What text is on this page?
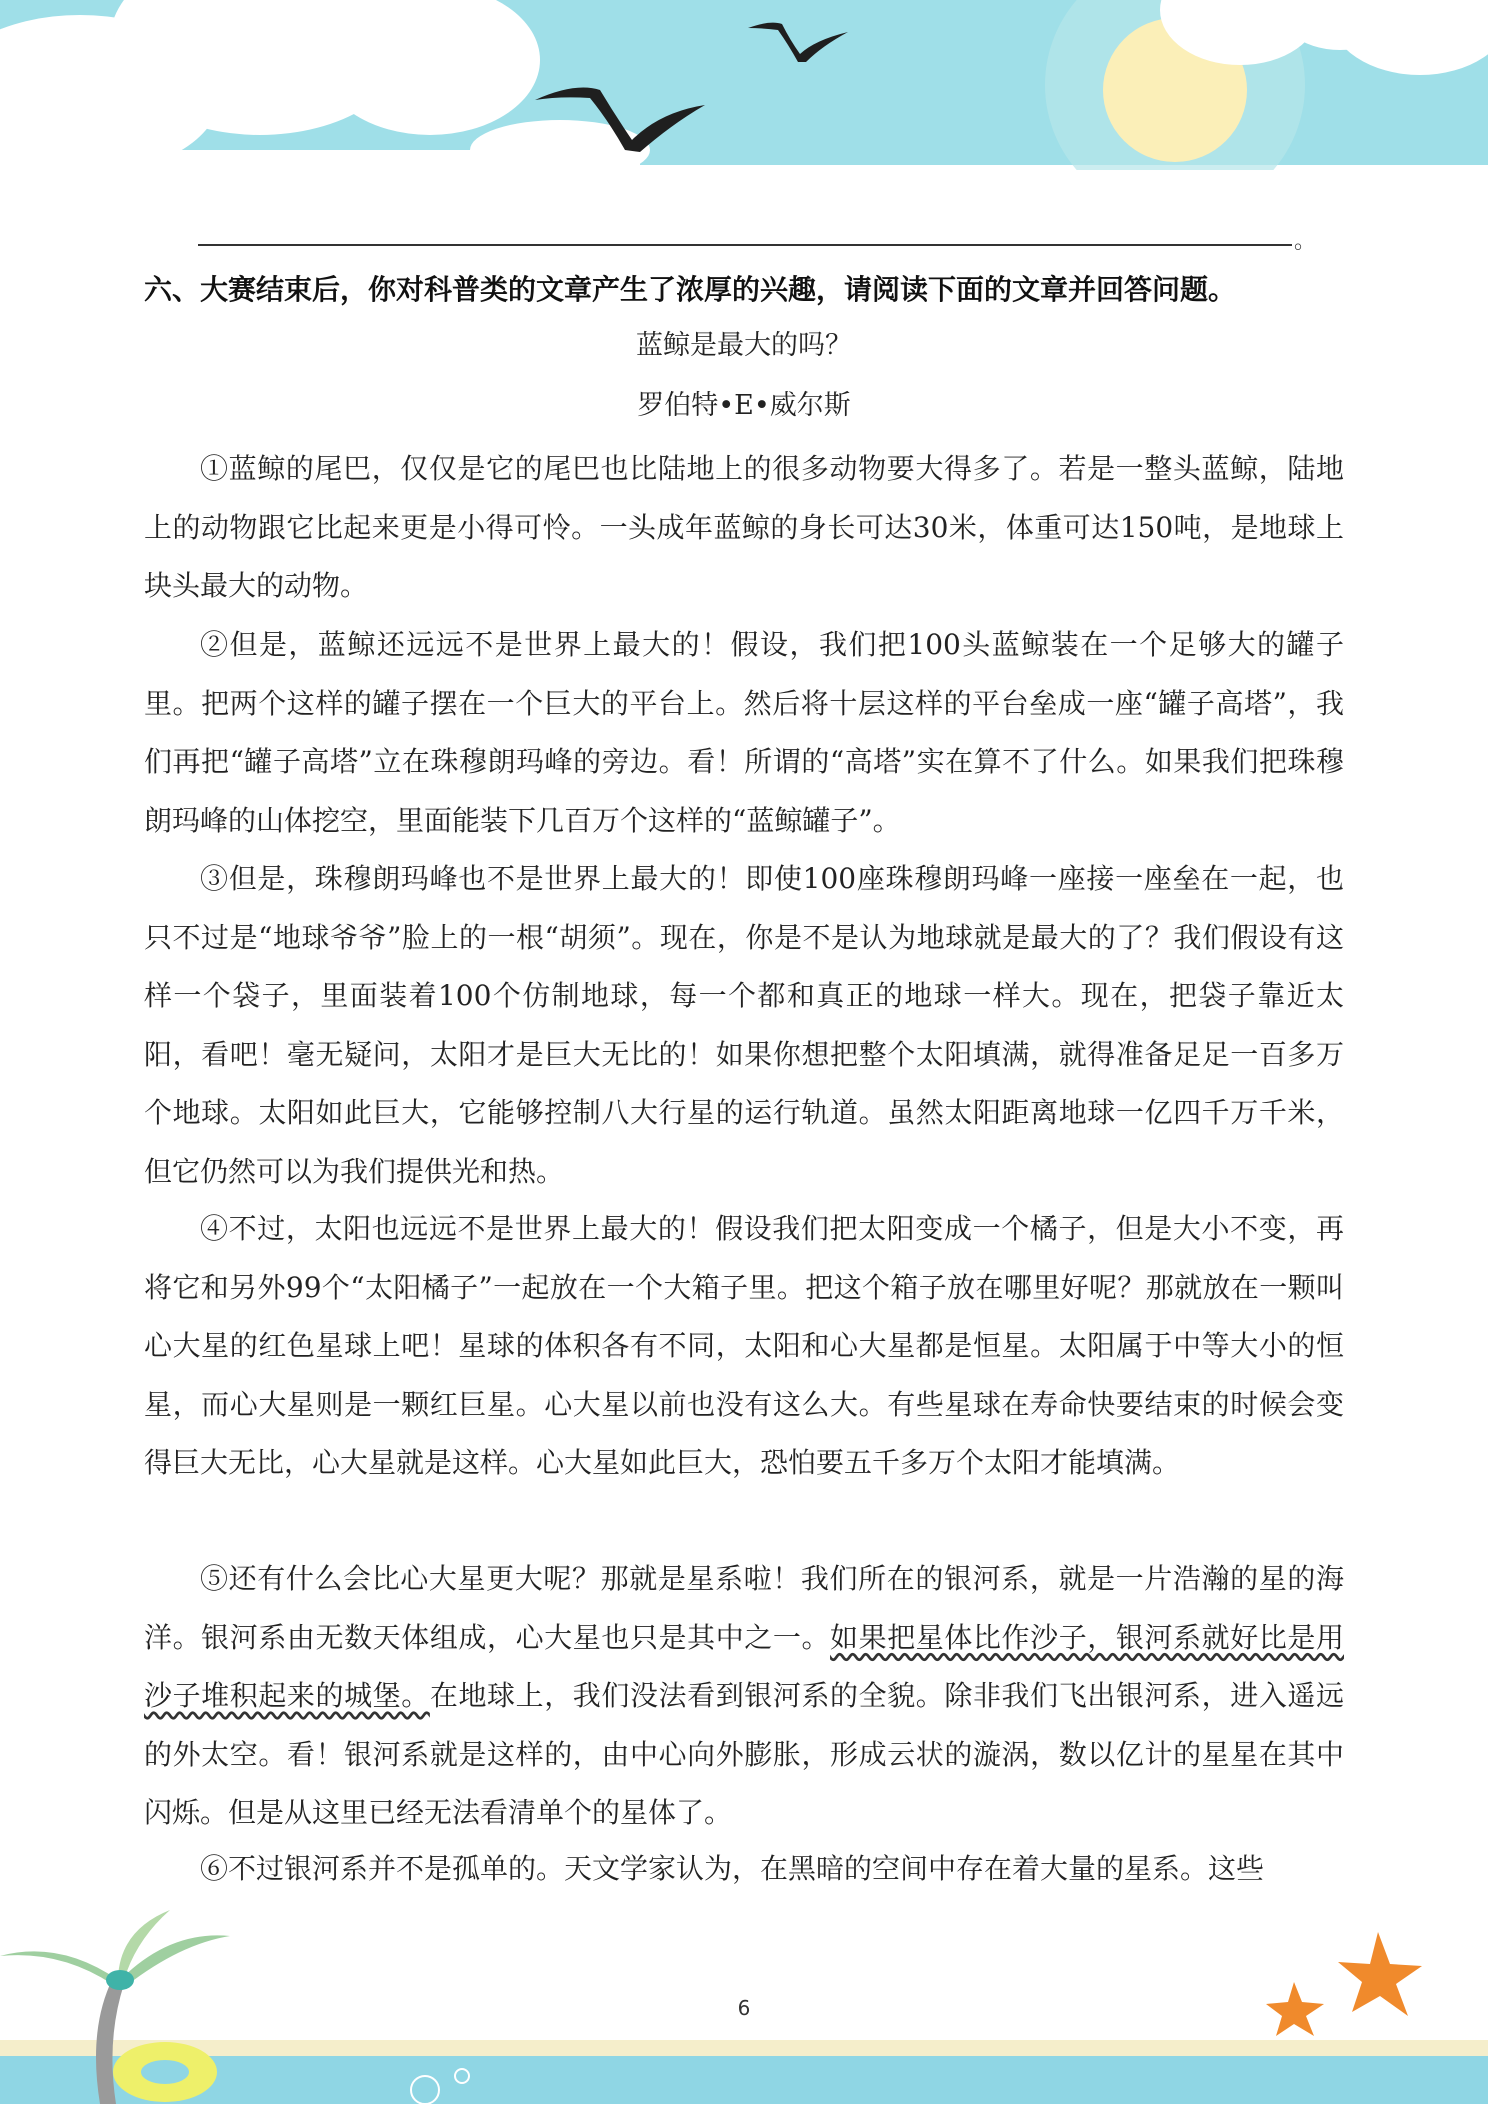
。
六、大赛结束后，你对科普类的文章产生了浓厚的兴趣，请阅读下面的文章并回答问题。
蓝鲸是最大的吗？
罗伯特•E•威尔斯

①蓝鲸的尾巴，仅仅是它的尾巴也比陆地上的很多动物要大得多了。若是一整头蓝鲸，陆地上的动物跟它比起来更是小得可怜。一头成年蓝鲸的身长可达30米，体重可达150吨，是地球上块头最大的动物。

②但是，蓝鲸还远远不是世界上最大的！假设，我们把100头蓝鲸装在一个足够大的罐子里。把两个这样的罐子摆在一个巨大的平台上。然后将十层这样的平台垒成一座“罐子高塔”，我们再把“罐子高塔”立在珠穆朗玛峰的旁边。看！所谓的“高塔”实在算不了什么。如果我们把珠穆朗玛峰的山体挖空，里面能装下几百万个这样的“蓝鲸罐子”。

③但是，珠穆朗玛峰也不是世界上最大的！即使100座珠穆朗玛峰一座接一座垒在一起，也只不过是“地球爷爷”脸上的一根“胡须”。现在，你是不是认为地球就是最大的了？我们假设有这样一个袋子，里面装着100个仿制地球，每一个都和真正的地球一样大。现在，把袋子靠近太阳，看吧！毫无疑问，太阳才是巨大无比的！如果你想把整个太阳填满，就得准备足足一百多万个地球。太阳如此巨大，它能够控制八大行星的运行轨道。虽然太阳距离地球一亿四千万千米，但它仍然可以为我们提供光和热。

④不过，太阳也远远不是世界上最大的！假设我们把太阳变成一个橘子，但是大小不变，再将它和另外99个“太阳橘子”一起放在一个大箱子里。把这个箱子放在哪里好呢？那就放在一颗叫心大星的红色星球上吧！星球的体积各有不同，太阳和心大星都是恒星。太阳属于中等大小的恒星，而心大星则是一颗红巨星。心大星以前也没有这么大。有些星球在寿命快要结束的时候会变得巨大无比，心大星就是这样。心大星如此巨大，恐怕要五千多万个太阳才能填满。

⑤还有什么会比心大星更大呢？那就是星系啦！我们所在的银河系，就是一片浩瀚的星的海洋。银河系由无数天体组成，心大星也只是其中之一。如果把星体比作沙子，银河系就好比是用沙子堆积起来的城堡。在地球上，我们没法看到银河系的全貌。除非我们飞出银河系，进入遥远的外太空。看！银河系就是这样的，由中心向外膨胀，形成云状的漩涡，数以亿计的星星在其中闪烁。但是从这里已经无法看清单个的星体了。

⑥不过银河系并不是孤单的。天文学家认为，在黑暗的空间中存在着大量的星系。这些

6
